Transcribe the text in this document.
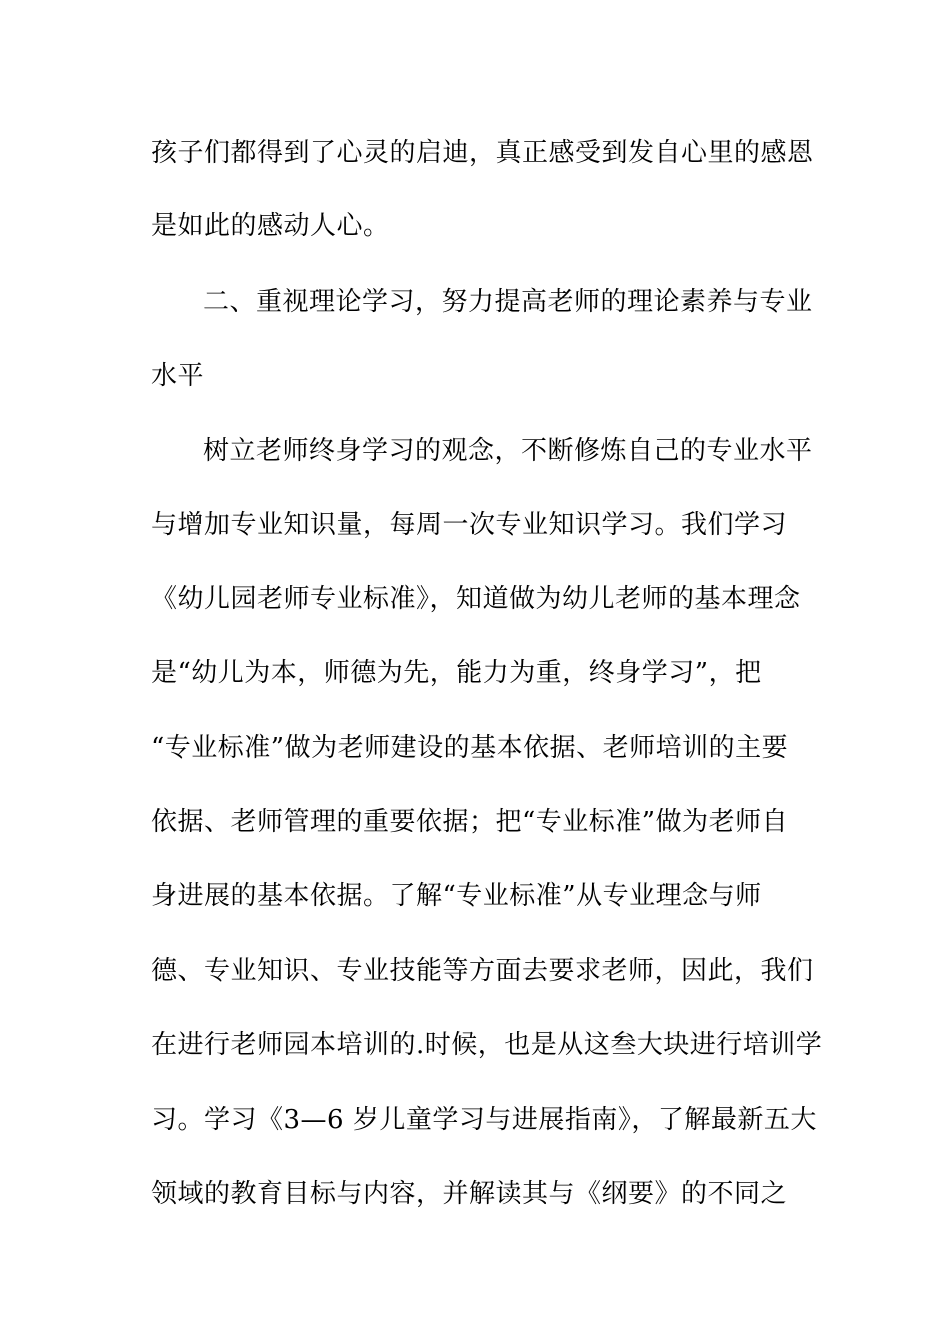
孩子们都得到了心灵的启迪，真正感受到发自心里的感恩
是如此的感动人心。
二、重视理论学习，努力提高老师的理论素养与专业
水平
树立老师终身学习的观念，不断修炼自己的专业水平
与增加专业知识量，每周一次专业知识学习。我们学习
《幼儿园老师专业标准》，知道做为幼儿老师的基本理念
是“幼儿为本，师德为先，能力为重，终身学习”，把
“专业标准”做为老师建设的基本依据、老师培训的主要
依据、老师管理的重要依据；把“专业标准”做为老师自
身进展的基本依据。了解“专业标准”从专业理念与师
德、专业知识、专业技能等方面去要求老师，因此，我们
在进行老师园本培训的.时候，也是从这叁大块进行培训学
习。学习《3—6 岁儿童学习与进展指南》，了解最新五大
领域的教育目标与内容，并解读其与《纲要》的不同之
